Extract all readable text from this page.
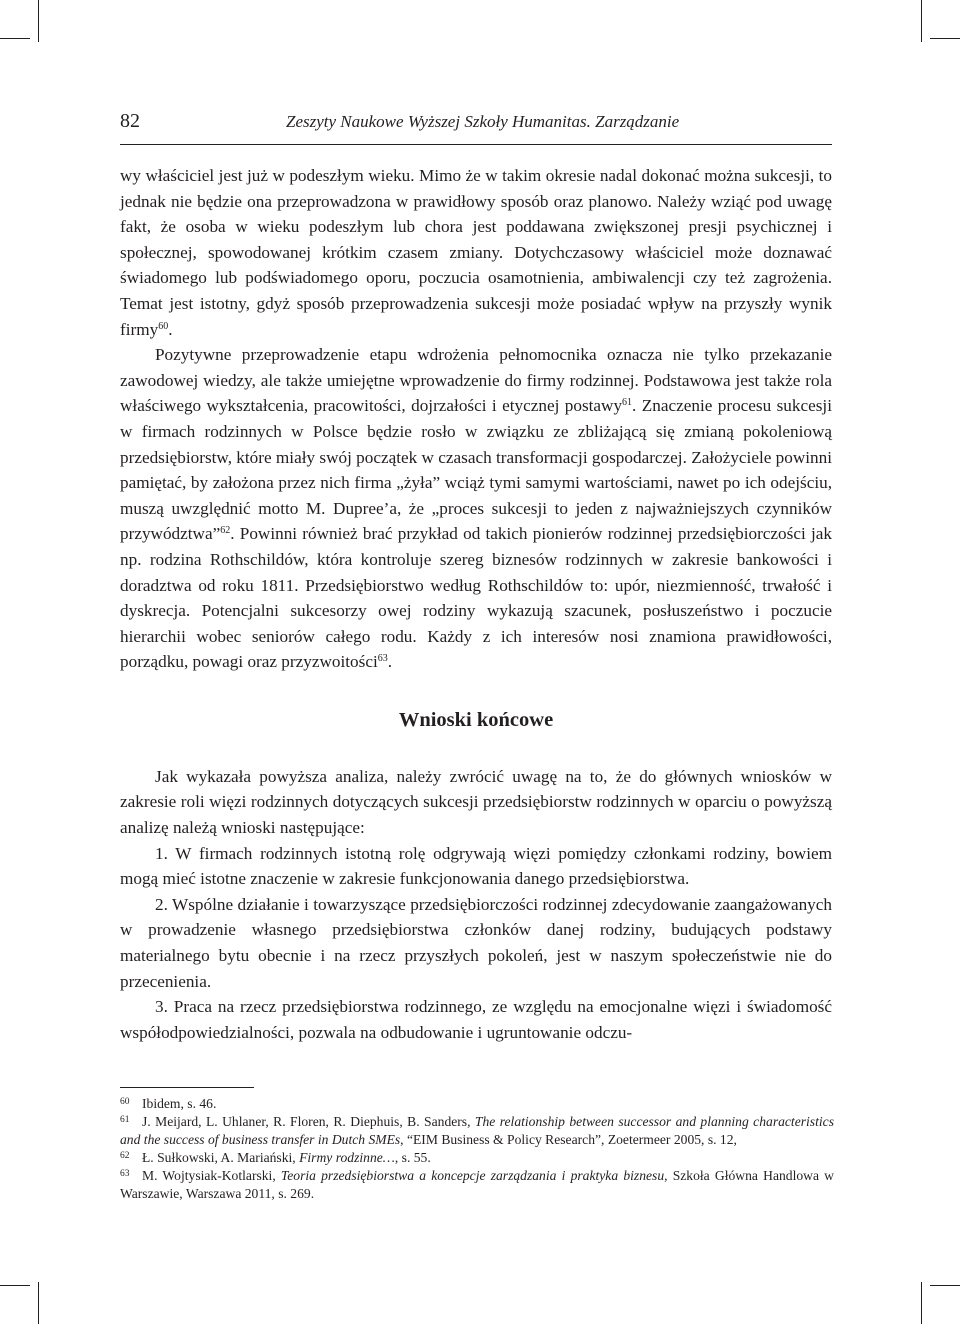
82	Zeszyty Naukowe Wyższej Szkoły Humanitas. Zarządzanie

wy właściciel jest już w podeszłym wieku. Mimo że w takim okresie nadal dokonać można sukcesji, to jednak nie będzie ona przeprowadzona w prawidłowy sposób oraz planowo. Należy wziąć pod uwagę fakt, że osoba w wieku podeszłym lub chora jest poddawana zwiększonej presji psychicznej i społecznej, spowodowanej krótkim czasem zmiany. Dotychczasowy właściciel może doznawać świadomego lub podświadomego oporu, poczucia osamotnienia, ambiwalencji czy też zagrożenia. Temat jest istotny, gdyż sposób przeprowadzenia sukcesji może posiadać wpływ na przyszły wynik firmy$^{60}$.

Pozytywne przeprowadzenie etapu wdrożenia pełnomocnika oznacza nie tylko przekazanie zawodowej wiedzy, ale także umiejętne wprowadzenie do firmy rodzinnej. Podstawowa jest także rola właściwego wykształcenia, pracowitości, dojrzałości i etycznej postawy$^{61}$. Znaczenie procesu sukcesji w firmach rodzinnych w Polsce będzie rosło w związku ze zbliżającą się zmianą pokoleniową przedsiębiorstw, które miały swój początek w czasach transformacji gospodarczej. Założyciele powinni pamiętać, by założona przez nich firma „żyła” wciąż tymi samymi wartościami, nawet po ich odejściu, muszą uwzględnić motto M. Dupree’a, że „proces sukcesji to jeden z najważniejszych czynników przywództwa”$^{62}$. Powinni również brać przykład od takich pionierów rodzinnej przedsiębiorczości jak np. rodzina Rothschildów, która kontroluje szereg biznesów rodzinnych w zakresie bankowości i doradztwa od roku 1811. Przedsiębiorstwo według Rothschildów to: upór, niezmienność, trwałość i dyskrecja. Potencjalni sukcesorzy owej rodziny wykazują szacunek, posłuszeństwo i poczucie hierarchii wobec seniorów całego rodu. Każdy z ich interesów nosi znamiona prawidłowości, porządku, powagi oraz przyzwoitości$^{63}$.

Wnioski końcowe

Jak wykazała powyższa analiza, należy zwrócić uwagę na to, że do głównych wniosków w zakresie roli więzi rodzinnych dotyczących sukcesji przedsiębiorstw rodzinnych w oparciu o powyższą analizę należą wnioski następujące:

1. W firmach rodzinnych istotną rolę odgrywają więzi pomiędzy członkami rodziny, bowiem mogą mieć istotne znaczenie w zakresie funkcjonowania danego przedsiębiorstwa.

2. Wspólne działanie i towarzyszące przedsiębiorczości rodzinnej zdecydowanie zaangażowanych w prowadzenie własnego przedsiębiorstwa członków danej rodziny, budujących podstawy materialnego bytu obecnie i na rzecz przyszłych pokoleń, jest w naszym społeczeństwie nie do przecenienia.

3. Praca na rzecz przedsiębiorstwa rodzinnego, ze względu na emocjonalne więzi i świadomość współodpowiedzialności, pozwala na odbudowanie i ugruntowanie odczu-

60 Ibidem, s. 46.

61 J. Meijard, L. Uhlaner, R. Floren, R. Diephuis, B. Sanders, The relationship between successor and planning characteristics and the success of business transfer in Dutch SMEs, “EIM Business & Policy Research”, Zoetermeer 2005, s. 12,

62 Ł. Sułkowski, A. Mariański, Firmy rodzinne…, s. 55.

63 M. Wojtysiak-Kotlarski, Teoria przedsiębiorstwa a koncepcje zarządzania i praktyka biznesu, Szkoła Główna Handlowa w Warszawie, Warszawa 2011, s. 269.
